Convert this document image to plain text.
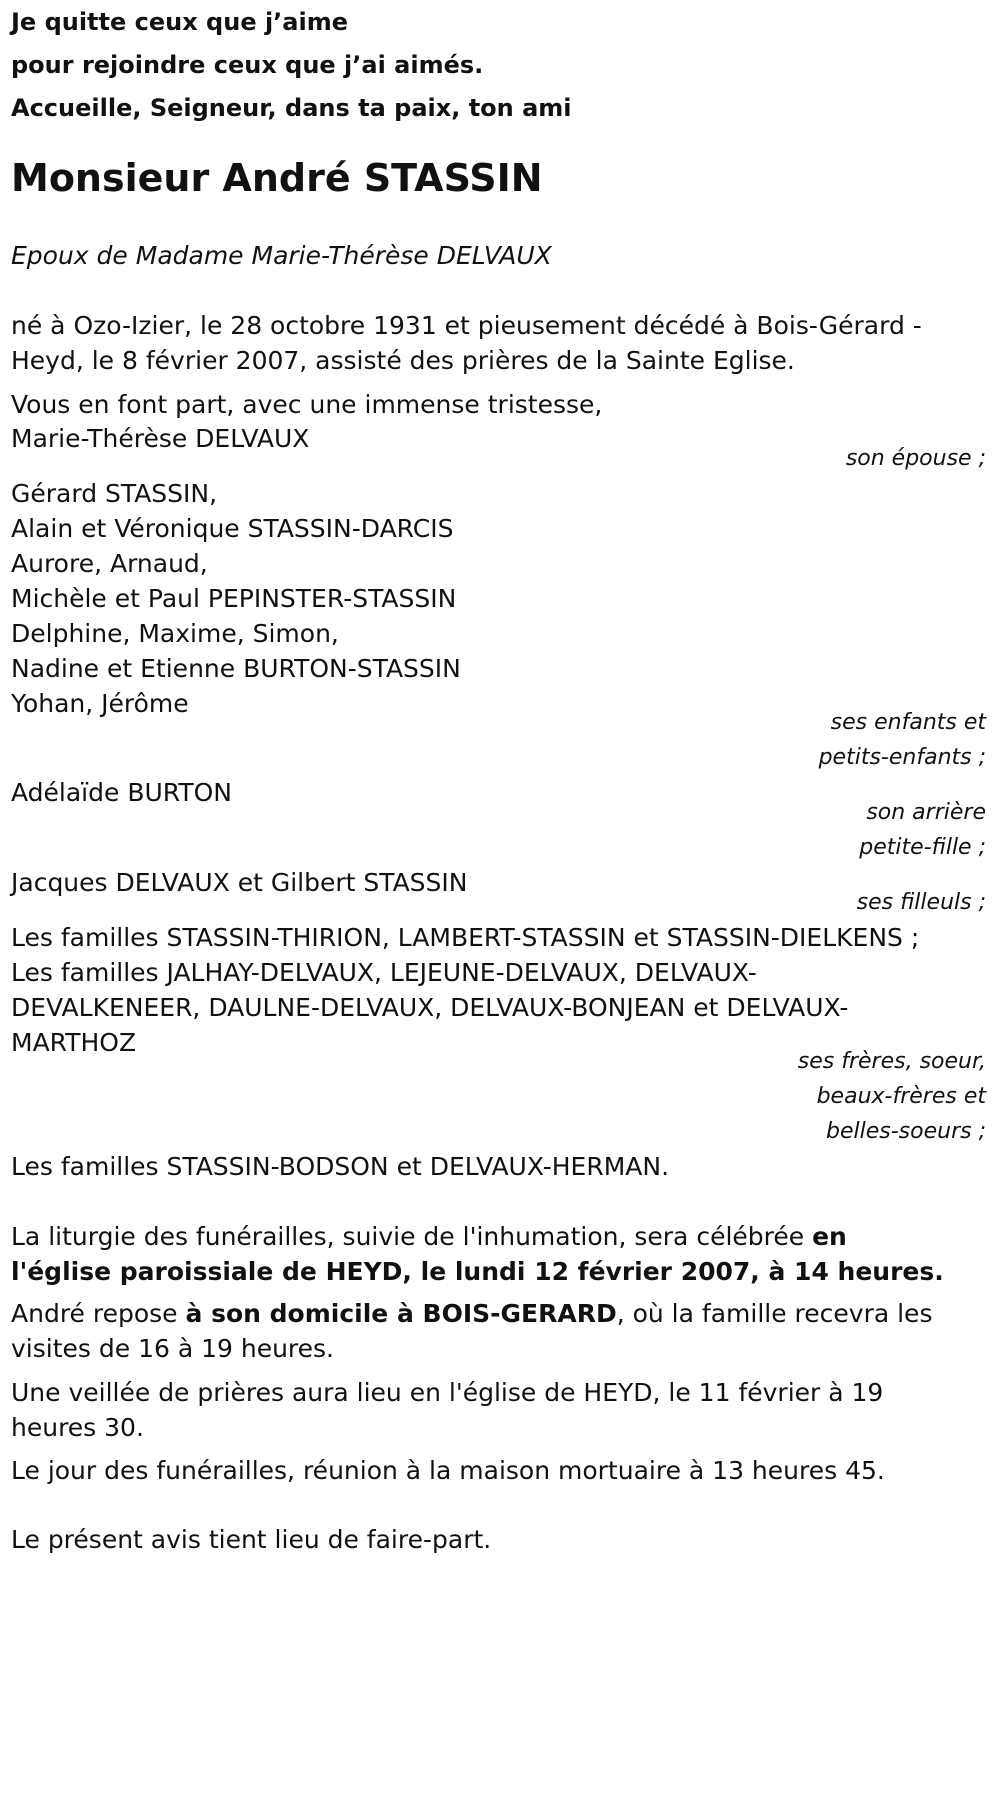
Je quitte ceux que j’aime
pour rejoindre ceux que j’ai aimés.
Accueille, Seigneur, dans ta paix, ton ami
Monsieur André STASSIN
Epoux de Madame Marie-Thérèse DELVAUX
né à Ozo-Izier, le 28 octobre 1931 et pieusement décédé à Bois-Gérard -
Heyd, le 8 février 2007, assisté des prières de la Sainte Eglise.
Vous en font part, avec une immense tristesse,
Marie-Thérèse DELVAUX
son épouse ;
Gérard STASSIN,
Alain et Véronique STASSIN-DARCIS
Aurore, Arnaud,
Michèle et Paul PEPINSTER-STASSIN
Delphine, Maxime, Simon,
Nadine et Etienne BURTON-STASSIN
Yohan, Jérôme
ses enfants et
petits-enfants ;
Adélaïde BURTON
son arrière
petite-fille ;
Jacques DELVAUX et Gilbert STASSIN
ses filleuls ;
Les familles STASSIN-THIRION, LAMBERT-STASSIN et STASSIN-DIELKENS ;
Les familles JALHAY-DELVAUX, LEJEUNE-DELVAUX, DELVAUX-
DEVALKENEER, DAULNE-DELVAUX, DELVAUX-BONJEAN et DELVAUX-
MARTHOZ
ses frères, soeur,
beaux-frères et
belles-soeurs ;
Les familles STASSIN-BODSON et DELVAUX-HERMAN.
La liturgie des funérailles, suivie de l'inhumation, sera célébrée en
l'église paroissiale de HEYD, le lundi 12 février 2007, à 14 heures.
André repose à son domicile à BOIS-GERARD, où la famille recevra les
visites de 16 à 19 heures.
Une veillée de prières aura lieu en l'église de HEYD, le 11 février à 19
heures 30.
Le jour des funérailles, réunion à la maison mortuaire à 13 heures 45.
Le présent avis tient lieu de faire-part.
